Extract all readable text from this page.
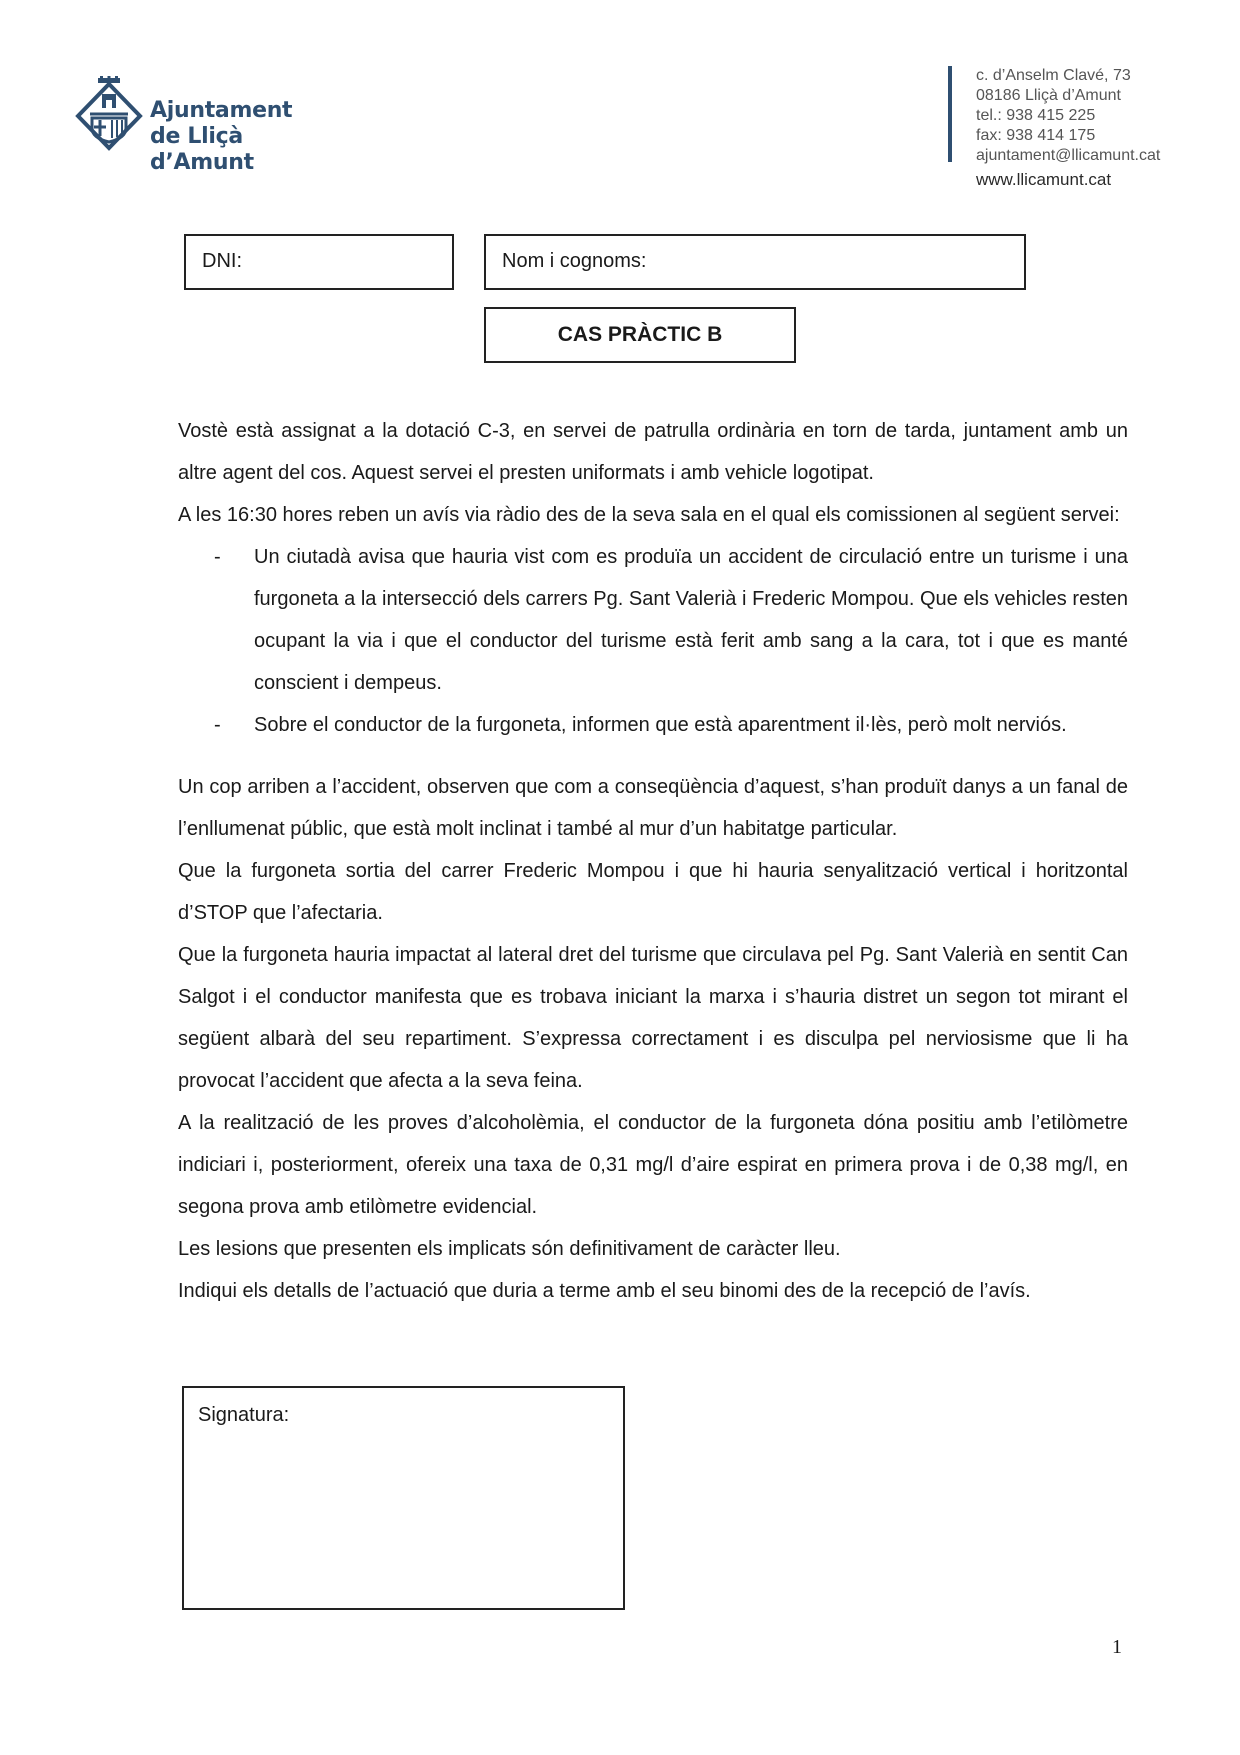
Ajuntament
de Lliçà d’Amunt
c. d’Anselm Clavé, 73
08186 Lliçà d’Amunt
tel.: 938 415 225
fax: 938 414 175
ajuntament@llicamunt.cat
www.llicamunt.cat
DNI:	Nom i cognoms:
CAS PRÀCTIC B

Vostè està assignat a la dotació C-3, en servei de patrulla ordinària en torn de tarda, juntament amb un altre agent del cos. Aquest servei el presten uniformats i amb vehicle logotipat.

A les 16:30 hores reben un avís via ràdio des de la seva sala en el qual els comissionen al següent servei:

- Un ciutadà avisa que hauria vist com es produïa un accident de circulació entre un turisme i una furgoneta a la intersecció dels carrers Pg. Sant Valerià i Frederic Mompou. Que els vehicles resten ocupant la via i que el conductor del turisme està ferit amb sang a la cara, tot i que es manté conscient i dempeus.
- Sobre el conductor de la furgoneta, informen que està aparentment il·lès, però molt nerviós.

Un cop arriben a l’accident, observen que com a conseqüència d’aquest, s’han produït danys a un fanal de l’enllumenat públic, que està molt inclinat i també al mur d’un habitatge particular.

Que la furgoneta sortia del carrer Frederic Mompou i que hi hauria senyalització vertical i horitzontal d’STOP que l’afectaria.

Que la furgoneta hauria impactat al lateral dret del turisme que circulava pel Pg. Sant Valerià en sentit Can Salgot i el conductor manifesta que es trobava iniciant la marxa i s’hauria distret un segon tot mirant el següent albarà del seu repartiment. S’expressa correctament i es disculpa pel nerviosisme que li ha provocat l’accident que afecta a la seva feina.

A la realització de les proves d’alcoholèmia, el conductor de la furgoneta dóna positiu amb l’etilòmetre indiciari i, posteriorment, ofereix una taxa de 0,31 mg/l d’aire espirat en primera prova i de 0,38 mg/l, en segona prova amb etilòmetre evidencial.

Les lesions que presenten els implicats són definitivament de caràcter lleu.

Indiqui els detalls de l’actuació que duria a terme amb el seu binomi des de la recepció de l’avís.

Signatura:
1
